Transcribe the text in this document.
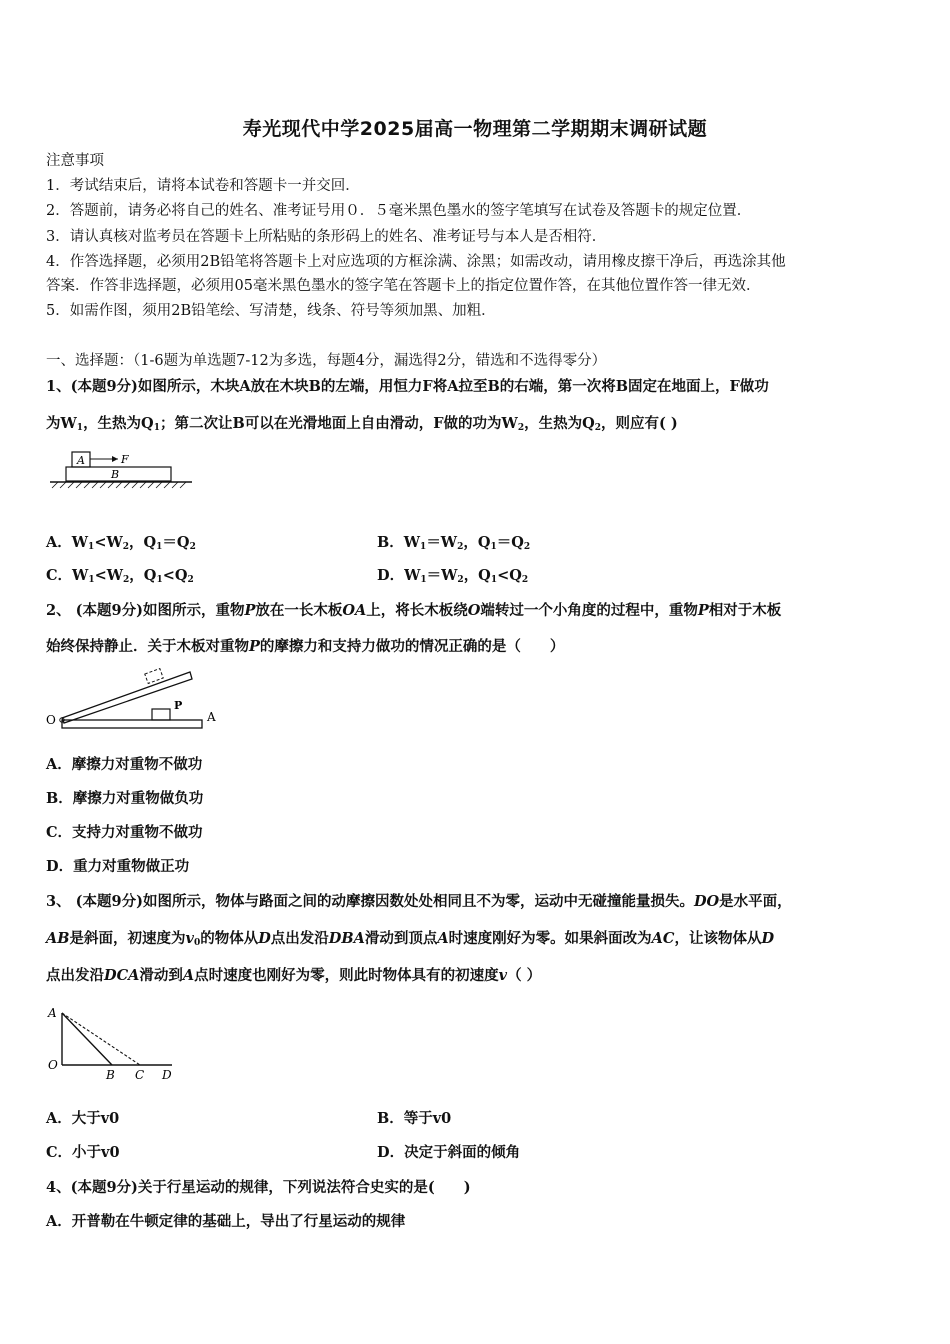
寿光现代中学2025届高一物理第二学期期末调研试题
注意事项
1．考试结束后，请将本试卷和答题卡一并交回．
2．答题前，请务必将自己的姓名、准考证号用０．５毫米黑色墨水的签字笔填写在试卷及答题卡的规定位置．
3．请认真核对监考员在答题卡上所粘贴的条形码上的姓名、准考证号与本人是否相符．
4．作答选择题，必须用2B铅笔将答题卡上对应选项的方框涂满、涂黑；如需改动，请用橡皮擦干净后，再选涂其他
答案．作答非选择题，必须用05毫米黑色墨水的签字笔在答题卡上的指定位置作答，在其他位置作答一律无效．
5．如需作图，须用2B铅笔绘、写清楚，线条、符号等须加黑、加粗．
一、选择题：（1-6题为单选题7-12为多选，每题4分，漏选得2分，错选和不选得零分）
1、(本题9分)如图所示，木块A放在木块B的左端，用恒力F将A拉至B的右端，第一次将B固定在地面上，F做功
为$W_1$，生热为$Q_1$；第二次让B可以在光滑地面上自由滑动，F做的功为$W_2$，生热为$Q_2$，则应有( )
A	F
B
A．$W_1<W_2$，$Q_1=Q_2$	B．$W_1=W_2$，$Q_1=Q_2$
C．$W_1<W_2$，$Q_1<Q_2$	D．$W_1=W_2$，$Q_1<Q_2$
2、 (本题9分)如图所示，重物P放在一长木板OA上，将长木板绕O端转过一个小角度的过程中，重物P相对于木板
始终保持静止．关于木板对重物P的摩擦力和支持力做功的情况正确的是（　　）
O
P
A
A．摩擦力对重物不做功
B．摩擦力对重物做负功
C．支持力对重物不做功
D．重力对重物做正功
3、 (本题9分)如图所示，物体与路面之间的动摩擦因数处处相同且不为零，运动中无碰撞能量损失。DO是水平面，
AB是斜面，初速度为$v_0$的物体从D点出发沿DBA滑动到顶点A时速度刚好为零。如果斜面改为AC，让该物体从D
点出发沿DCA滑动到A点时速度也刚好为零，则此时物体具有的初速度v（ ）
A
O
B C D
A．大于v0	B．等于v0
C．小于v0	D．决定于斜面的倾角
4、(本题9分)关于行星运动的规律，下列说法符合史实的是(　　)
A．开普勒在牛顿定律的基础上，导出了行星运动的规律
